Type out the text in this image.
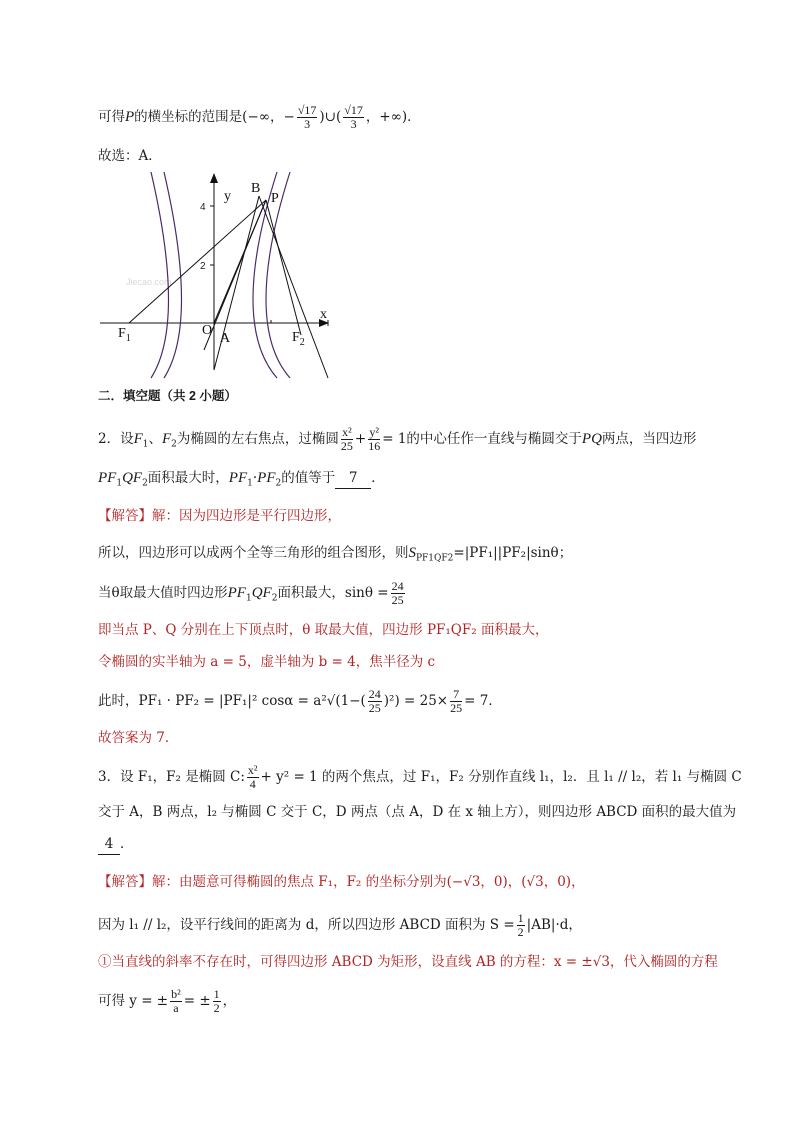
可得P的横坐标的范围是(−∞，− $\frac{√17}{3}$ )∪( $\frac{√17}{3}$ ，+∞)．
故选：A．
Jiecao.com
4
2
y
x
B
P
O
A
$F_1$	$F_2$
二．填空题（共 2 小题）
2．设$F_1$、$F_2$为椭圆的左右焦点，过椭圆 $\frac{\text{x²}}{25} + \frac{\text{y²}}{16} = 1$的中心任作一直线与椭圆交于PQ两点，当四边形
$PF_1QF_2$面积最大时，$PF_1\cdot PF_2$的值等于 7 ．
【解答】解：因为四边形是平行四边形，
所以，四边形可以成两个全等三角形的组合图形，则$S_{PF1QF2}=|PF_1||PF_2|\sin\theta$；
当θ取最大值时四边形$PF_1QF_2$面积最大，$\sin\theta = \frac{24}{25}$
即当点 P、Q 分别在上下顶点时，θ 取最大值，四边形 PF₁QF₂ 面积最大，
令椭圆的实半轴为 a = 5，虚半轴为 b = 4，焦半径为 c
此时，PF₁ · PF₂ = |PF₁|² $\cos\alpha = a^2√(1-( \frac{24}{25} )^2) = 25\times \frac{7}{25} = 7$．
故答案为 7．
3．设 F₁，F₂ 是椭圆 C: $\frac{\text{x²}}{4} + y^2 = 1$ 的两个焦点，过 F₁，F₂ 分别作直线 l₁，l₂．且 l₁ // l₂，若 l₁ 与椭圆 C
交于 A，B 两点，l₂ 与椭圆 C 交于 C，D 两点（点 A，D 在 x 轴上方），则四边形 ABCD 面积的最大值为
4 ．
【解答】解：由题意可得椭圆的焦点 F₁，F₂ 的坐标分别为(−√3，0)，(√3，0)，
因为 l₁ // l₂，设平行线间的距离为 d，所以四边形 ABCD 面积为 $S = \frac{1}{2} |AB|\cdot d$，
①当直线的斜率不存在时，可得四边形 ABCD 为矩形，设直线 AB 的方程：x = ±√3，代入椭圆的方程
可得 y = ± $\frac{\text{b²}}{a}$ = ± $\frac{1}{2}$ ，
